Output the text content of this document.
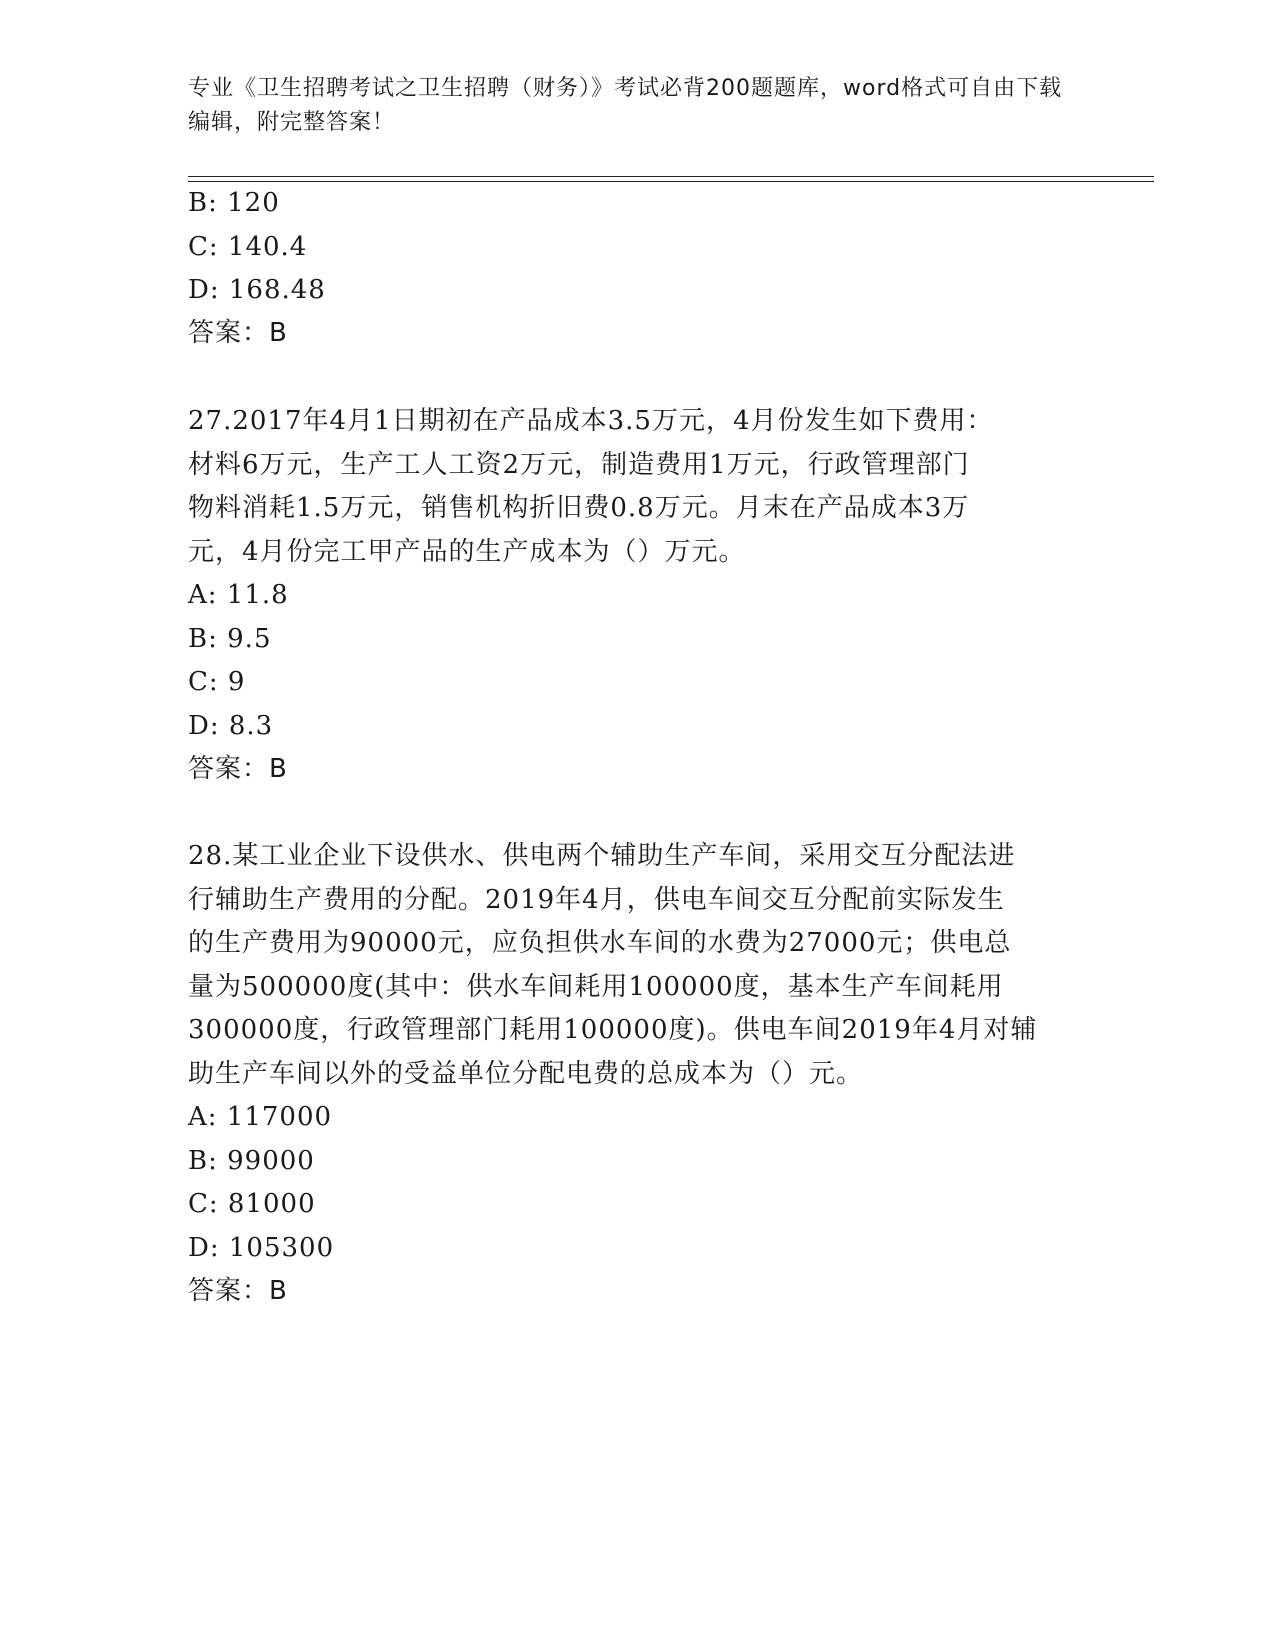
专业《卫生招聘考试之卫生招聘（财务）》考试必背200题题库，word格式可自由下载编辑，附完整答案！
B: 120
C: 140.4
D: 168.48
答案：B
27.2017年4月1日期初在产品成本3.5万元，4月份发生如下费用：
材料6万元，生产工人工资2万元，制造费用1万元，行政管理部门
物料消耗1.5万元，销售机构折旧费0.8万元。月末在产品成本3万
元，4月份完工甲产品的生产成本为（）万元。
A: 11.8
B: 9.5
C: 9
D: 8.3
答案：B
28.某工业企业下设供水、供电两个辅助生产车间，采用交互分配法进
行辅助生产费用的分配。2019年4月，供电车间交互分配前实际发生
的生产费用为90000元，应负担供水车间的水费为27000元；供电总
量为500000度(其中：供水车间耗用100000度，基本生产车间耗用
300000度，行政管理部门耗用100000度)。供电车间2019年4月对辅
助生产车间以外的受益单位分配电费的总成本为（）元。
A: 117000
B: 99000
C: 81000
D: 105300
答案：B
